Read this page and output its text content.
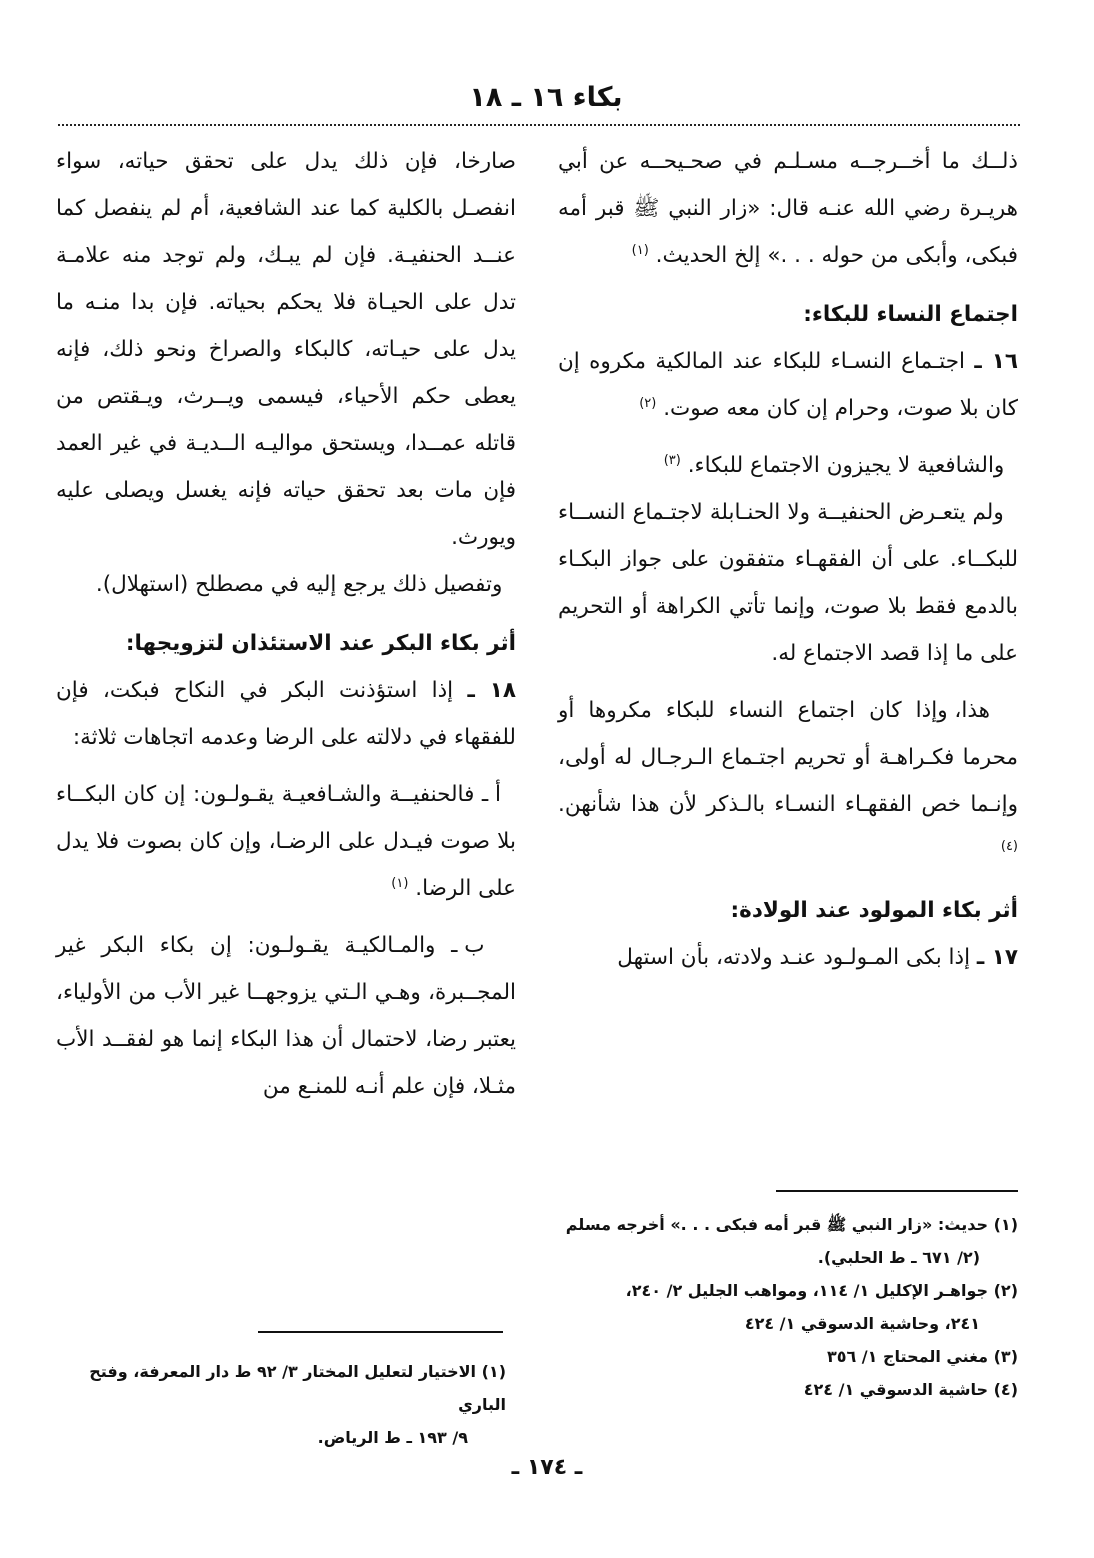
بكاء ١٦ ـ ١٨

ذلــك ما أخــرجــه مسـلـم في صحـيحــه عن أبي هريـرة رضي الله عنـه قال: «زار النبي ﷺ قبر أمه فبكى، وأبكى من حوله . . .» إلخ الحديث. $^{(١)}$

اجتماع النساء للبكاء:

١٦ ـ اجتـماع النسـاء للبكاء عند المالكية مكروه إن كان بلا صوت، وحرام إن كان معه صوت. $^{(٢)}$

والشافعية لا يجيزون الاجتماع للبكاء. $^{(٣)}$

ولم يتعـرض الحنفيــة ولا الحنـابلة لاجتـماع النســاء للبكــاء. على أن الفقهـاء متفقون على جواز البكـاء بالدمع فقط بلا صوت، وإنما تأتي الكراهة أو التحريم على ما إذا قصد الاجتماع له.

هذا، وإذا كان اجتماع النساء للبكاء مكروها أو محرما فكـراهـة أو تحريم اجتـماع الـرجـال له أولى، وإنـما خص الفقهـاء النسـاء بالـذكر لأن هذا شأنهن. $^{(٤)}$

أثر بكاء المولود عند الولادة:

١٧ ـ إذا بكى المـولـود عنـد ولادته، بأن استهل

صارخا، فإن ذلك يدل على تحقق حياته، سواء انفصـل بالكلية كما عند الشافعية، أم لم ينفصل كما عنــد الحنفيـة. فإن لم يبـك، ولم توجد منه علامـة تدل على الحيـاة فلا يحكم بحياته. فإن بدا منـه ما يدل على حيـاته، كالبكاء والصراخ ونحو ذلك، فإنه يعطى حكم الأحياء، فيسمى ويــرث، ويـقتص من قاتله عمــدا، ويستحق مواليـه الــديـة في غير العمد فإن مات بعد تحقق حياته فإنه يغسل ويصلى عليه ويورث.

وتفصيل ذلك يرجع إليه في مصطلح (استهلال).

أثر بكاء البكر عند الاستئذان لتزويجها:

١٨ ـ إذا استؤذنت البكر في النكاح فبكت، فإن للفقهاء في دلالته على الرضا وعدمه اتجاهات ثلاثة:

أ ـ فالحنفيــة والشـافعيـة يقـولـون: إن كان البكــاء بلا صوت فيـدل على الرضـا، وإن كان بصوت فلا يدل على الرضا. $^{(١)}$

ب ـ والمـالكيـة يقـولـون: إن بكاء البكر غير المجــبرة، وهـي الـتي يزوجهــا غير الأب من الأولياء، يعتبر رضا، لاحتمال أن هذا البكاء إنما هو لفقــد الأب مثـلا، فإن علم أنـه للمنـع من

(١) حديث: «زار النبي ﷺ قبر أمه فبكى . . .» أخرجه مسلم

(٢/ ٦٧١ ـ ط الحلبي).

(٢) جواهـر الإكليل ١/ ١١٤، ومواهب الجليل ٢/ ٢٤٠،

٢٤١، وحاشية الدسوقي ١/ ٤٢٤

(٣) مغني المحتاج ١/ ٣٥٦

(٤) حاشية الدسوقي ١/ ٤٢٤

(١) الاختيار لتعليل المختار ٣/ ٩٢ ط دار المعرفة، وفتح الباري

٩/ ١٩٣ ـ ط الرياض.

ـ ١٧٤ ـ
